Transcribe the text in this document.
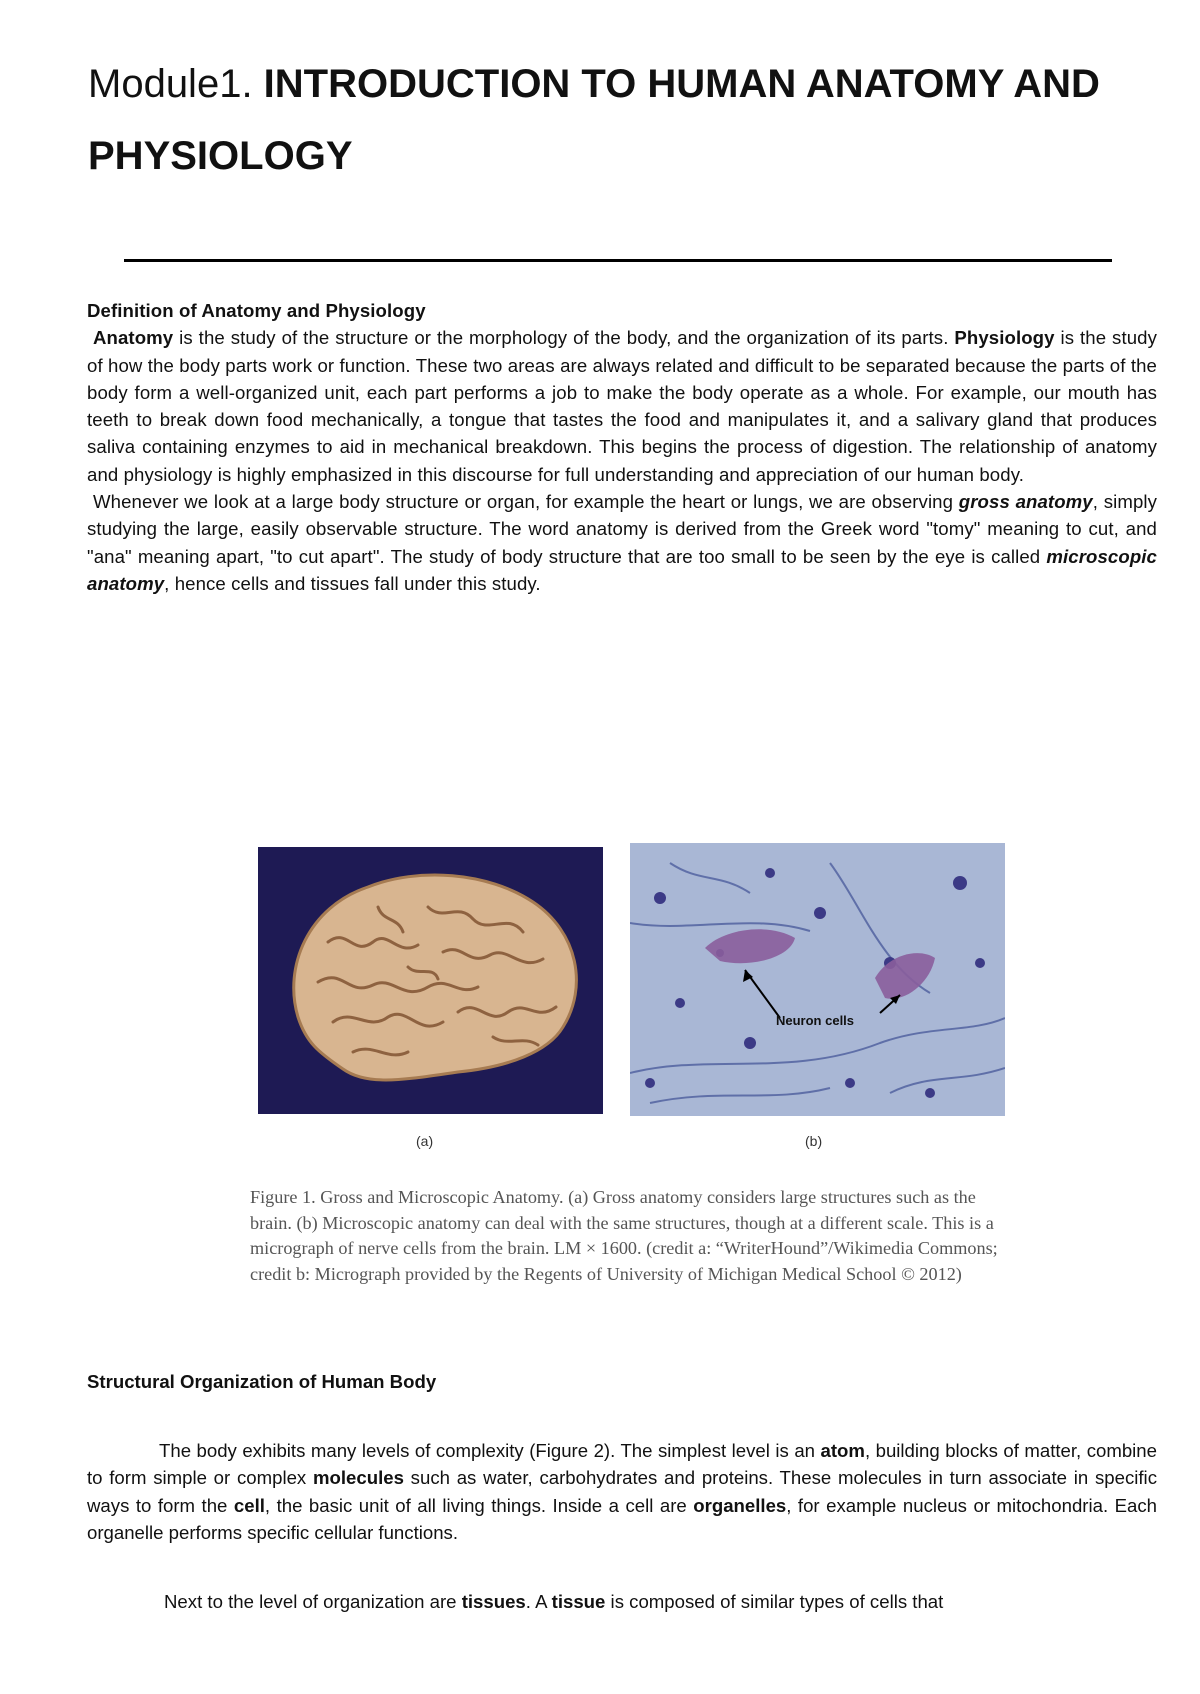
Module1. INTRODUCTION TO HUMAN ANATOMY AND PHYSIOLOGY

Definition of Anatomy and Physiology

Anatomy is the study of the structure or the morphology of the body, and the organization of its parts. Physiology is the study of how the body parts work or function. These two areas are always related and difficult to be separated because the parts of the body form a well-organized unit, each part performs a job to make the body operate as a whole. For example, our mouth has teeth to break down food mechanically, a tongue that tastes the food and manipulates it, and a salivary gland that produces saliva containing enzymes to aid in mechanical breakdown. This begins the process of digestion. The relationship of anatomy and physiology is highly emphasized in this discourse for full understanding and appreciation of our human body.

Whenever we look at a large body structure or organ, for example the heart or lungs, we are observing gross anatomy, simply studying the large, easily observable structure. The word anatomy is derived from the Greek word "tomy" meaning to cut, and "ana" meaning apart, "to cut apart". The study of body structure that are too small to be seen by the eye is called microscopic anatomy, hence cells and tissues fall under this study.

Neuron cells
(a)	(b)
Figure 1. Gross and Microscopic Anatomy. (a) Gross anatomy considers large structures such as the brain. (b) Microscopic anatomy can deal with the same structures, though at a different scale. This is a micrograph of nerve cells from the brain. LM × 1600. (credit a: “WriterHound”/Wikimedia Commons; credit b: Micrograph provided by the Regents of University of Michigan Medical School © 2012)
Structural Organization of Human Body

The body exhibits many levels of complexity (Figure 2). The simplest level is an atom, building blocks of matter, combine to form simple or complex molecules such as water, carbohydrates and proteins. These molecules in turn associate in specific ways to form the cell, the basic unit of all living things. Inside a cell are organelles, for example nucleus or mitochondria. Each organelle performs specific cellular functions.

Next to the level of organization are tissues. A tissue is composed of similar types of cells that
